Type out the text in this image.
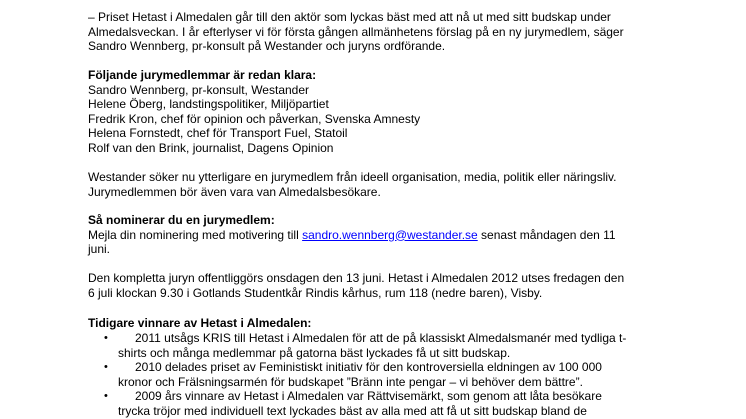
– Priset Hetast i Almedalen går till den aktör som lyckas bäst med att nå ut med sitt budskap under
Almedalsveckan. I år efterlyser vi för första gången allmänhetens förslag på en ny jurymedlem, säger
Sandro Wennberg, pr-konsult på Westander och juryns ordförande.
Följande jurymedlemmar är redan klara:
Sandro Wennberg, pr-konsult, Westander
Helene Öberg, landstingspolitiker, Miljöpartiet
Fredrik Kron, chef för opinion och påverkan, Svenska Amnesty
Helena Fornstedt, chef för Transport Fuel, Statoil
Rolf van den Brink, journalist, Dagens Opinion
Westander söker nu ytterligare en jurymedlem från ideell organisation, media, politik eller näringsliv.
Jurymedlemmen bör även vara van Almedalsbesökare.
Så nominerar du en jurymedlem:
Mejla din nominering med motivering till sandro.wennberg@westander.se senast måndagen den 11
juni.
Den kompletta juryn offentliggörs onsdagen den 13 juni. Hetast i Almedalen 2012 utses fredagen den
6 juli klockan 9.30 i Gotlands Studentkår Rindis kårhus, rum 118 (nedre baren), Visby.
Tidigare vinnare av Hetast i Almedalen:
• 2011 utsågs KRIS till Hetast i Almedalen för att de på klassiskt Almedalsmanér med tydliga t-
shirts och många medlemmar på gatorna bäst lyckades få ut sitt budskap.
• 2010 delades priset av Feministiskt initiativ för den kontroversiella eldningen av 100 000
kronor och Frälsningsarmén för budskapet ”Bränn inte pengar – vi behöver dem bättre”.
• 2009 års vinnare av Hetast i Almedalen var Rättvisemärkt, som genom att låta besökare
trycka tröjor med individuell text lyckades bäst av alla med att få ut sitt budskap bland de
